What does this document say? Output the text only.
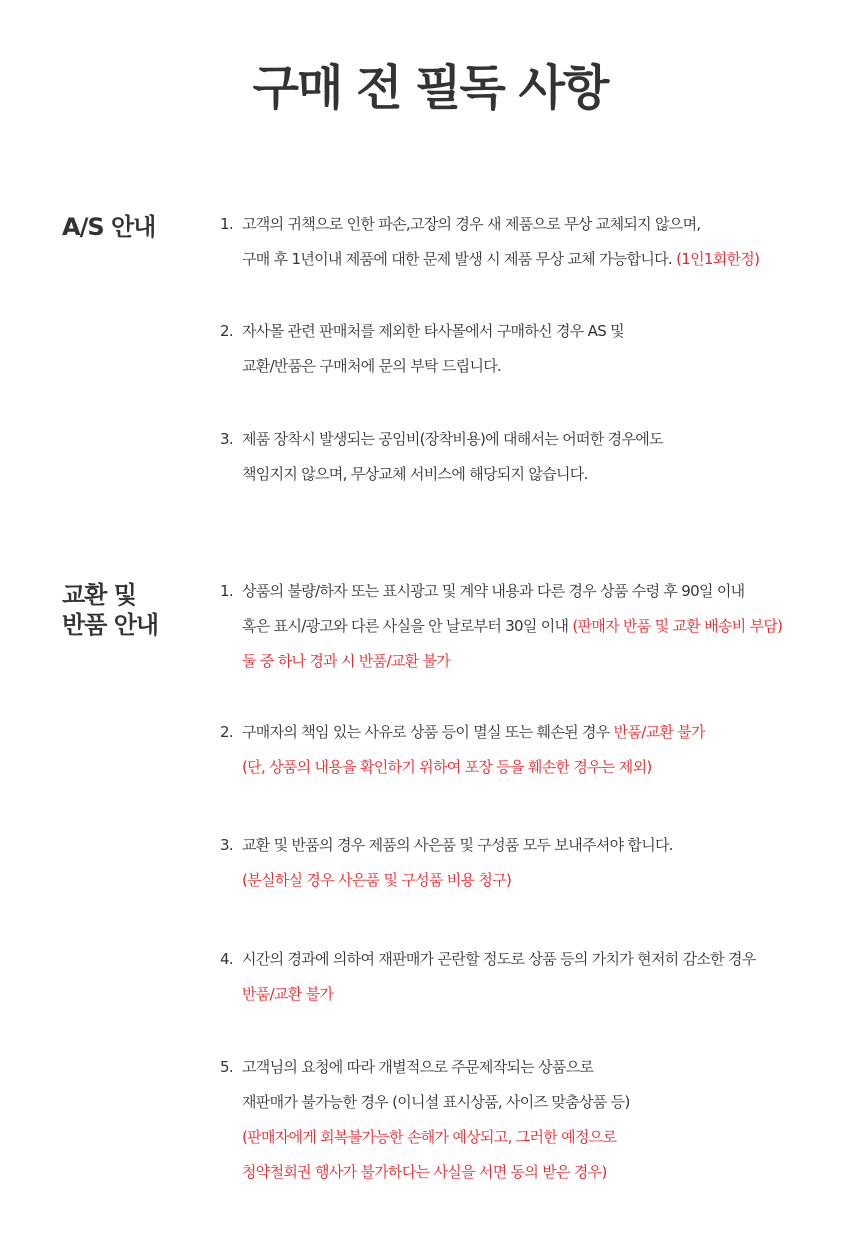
구매 전 필독 사항
A/S 안내	1. 고객의 귀책으로 인한 파손,고장의 경우 새 제품으로 무상 교체되지 않으며,
구매 후 1년이내 제품에 대한 문제 발생 시 제품 무상 교체 가능합니다. (1인1회한정)
2. 자사몰 관련 판매처를 제외한 타사몰에서 구매하신 경우 AS 및
교환/반품은 구매처에 문의 부탁 드립니다.
3. 제품 장착시 발생되는 공임비(장착비용)에 대해서는 어떠한 경우에도
책임지지 않으며, 무상교체 서비스에 해당되지 않습니다.
교환 및
반품 안내
1. 상품의 불량/하자 또는 표시광고 및 계약 내용과 다른 경우 상품 수령 후 90일 이내
혹은 표시/광고와 다른 사실을 안 날로부터 30일 이내 (판매자 반품 및 교환 배송비 부담)
둘 중 하나 경과 시 반품/교환 불가
2. 구매자의 책임 있는 사유로 상품 등이 멸실 또는 훼손된 경우 반품/교환 불가
(단, 상품의 내용을 확인하기 위하여 포장 등을 훼손한 경우는 제외)
3. 교환 및 반품의 경우 제품의 사은품 및 구성품 모두 보내주셔야 합니다.
(분실하실 경우 사은품 및 구성품 비용 청구)
4. 시간의 경과에 의하여 재판매가 곤란할 정도로 상품 등의 가치가 현저히 감소한 경우
반품/교환 불가
5. 고객님의 요청에 따라 개별적으로 주문제작되는 상품으로
재판매가 불가능한 경우 (이니셜 표시상품, 사이즈 맞춤상품 등)
(판매자에게 회복불가능한 손해가 예상되고, 그러한 예정으로
청약철회권 행사가 불가하다는 사실을 서면 동의 받은 경우)
